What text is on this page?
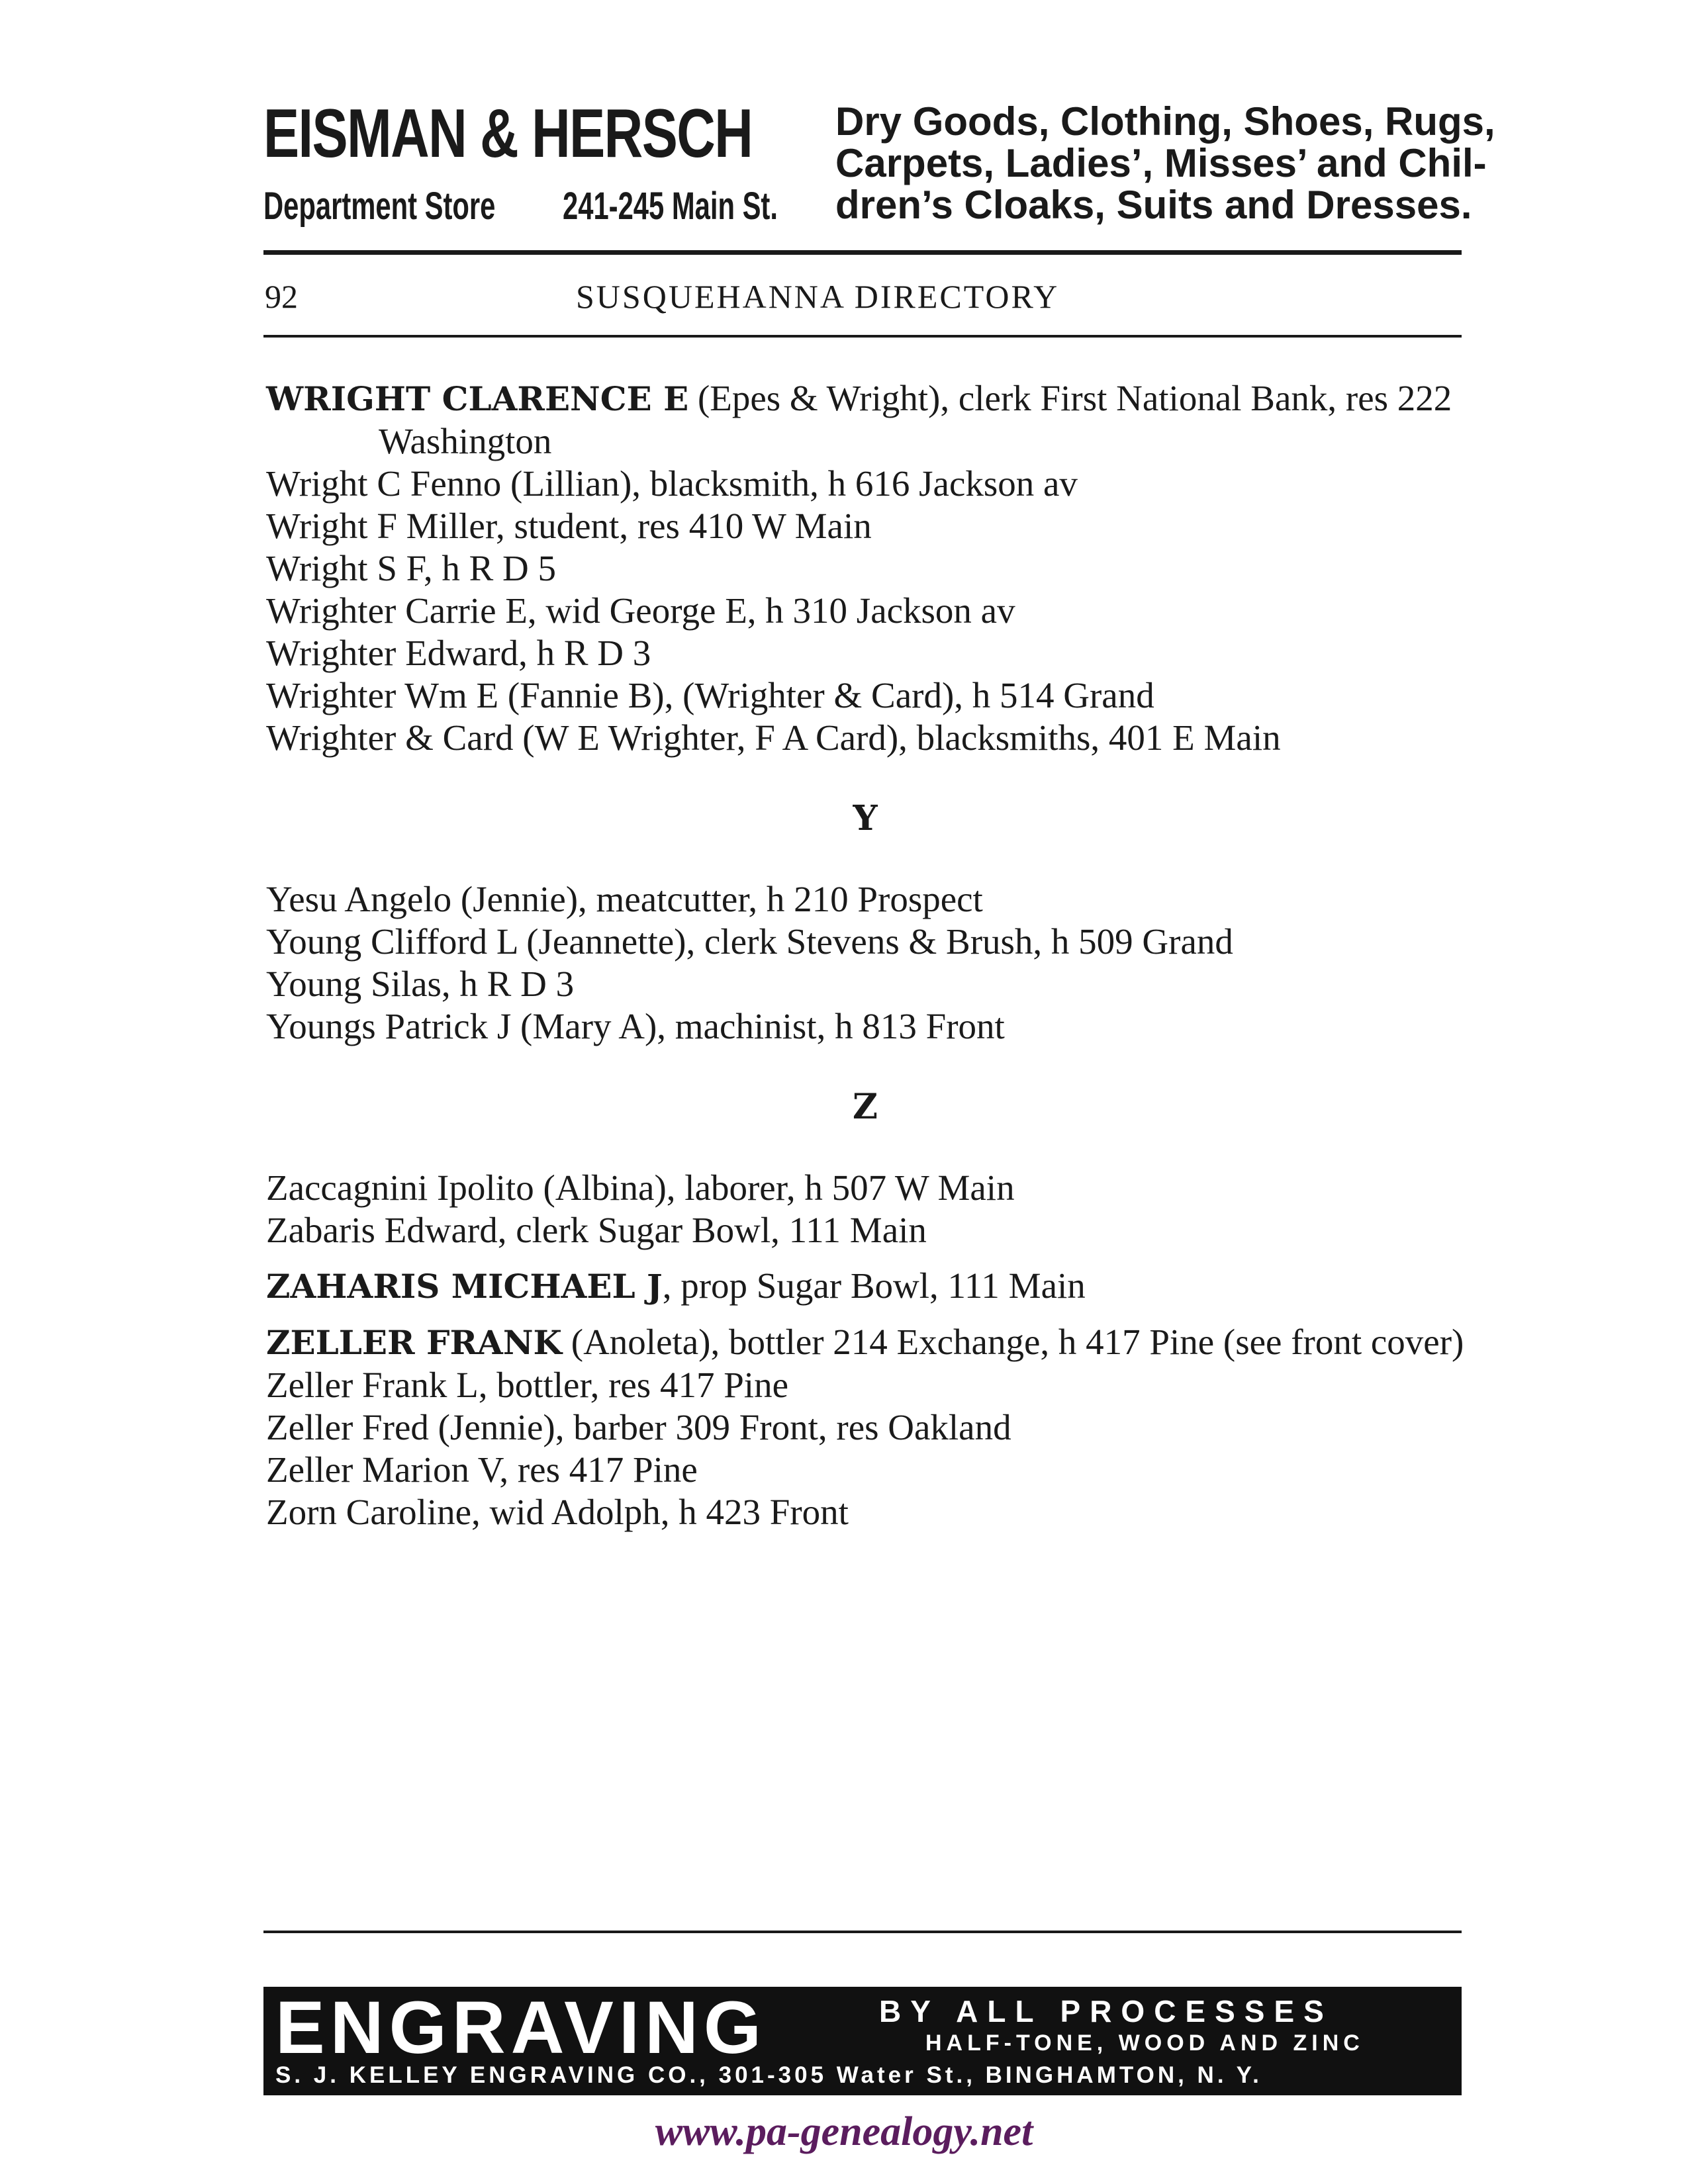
EISMAN & HERSCH
Department Store 241-245 Main St.
Dry Goods, Clothing, Shoes, Rugs,
Carpets, Ladies’, Misses’ and Chil-
dren’s Cloaks, Suits and Dresses.
92	SUSQUEHANNA DIRECTORY
WRIGHT CLARENCE E (Epes & Wright), clerk First National Bank, res 222 Washington
Wright C Fenno (Lillian), blacksmith, h 616 Jackson av
Wright F Miller, student, res 410 W Main
Wright S F, h R D 5
Wrighter Carrie E, wid George E, h 310 Jackson av
Wrighter Edward, h R D 3
Wrighter Wm E (Fannie B), (Wrighter & Card), h 514 Grand
Wrighter & Card (W E Wrighter, F A Card), blacksmiths, 401 E Main
Y
Yesu Angelo (Jennie), meatcutter, h 210 Prospect
Young Clifford L (Jeannette), clerk Stevens & Brush, h 509 Grand
Young Silas, h R D 3
Youngs Patrick J (Mary A), machinist, h 813 Front
Z
Zaccagnini Ipolito (Albina), laborer, h 507 W Main
Zabaris Edward, clerk Sugar Bowl, 111 Main
ZAHARIS MICHAEL J, prop Sugar Bowl, 111 Main
ZELLER FRANK (Anoleta), bottler 214 Exchange, h 417 Pine (see front cover)
Zeller Frank L, bottler, res 417 Pine
Zeller Fred (Jennie), barber 309 Front, res Oakland
Zeller Marion V, res 417 Pine
Zorn Caroline, wid Adolph, h 423 Front
ENGRAVING	BY ALL PROCESSES
HALF-TONE, WOOD AND ZINC
S. J. KELLEY ENGRAVING CO., 301-305 Water St., BINGHAMTON, N. Y.
www.pa-genealogy.net
